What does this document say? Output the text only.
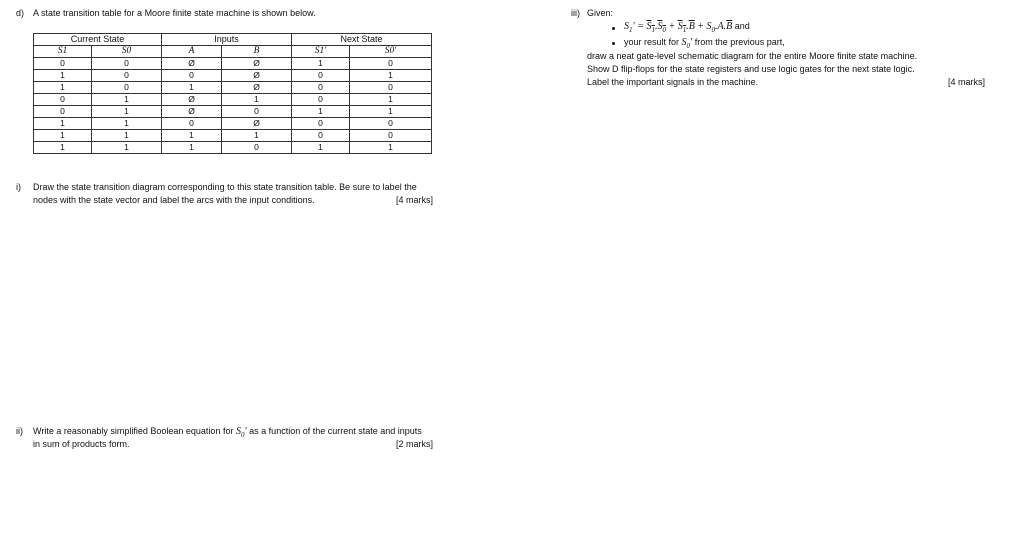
d) A state transition table for a Moore finite state machine is shown below.
Current State		Inputs		Next State	
S1	S0	A	B	S1'	S0'
0	0	Ø	Ø	1	0
1	0	0	Ø	0	1
1	0	1	Ø	0	0
0	1	Ø	1	0	1
0	1	Ø	0	1	1
1	1	0	Ø	0	0
1	1	1	1	0	0
1	1	1	0	1	1
i) Draw the state transition diagram corresponding to this state transition table. Be sure to label the
nodes with the state vector and label the arcs with the input conditions.	[4 marks]
ii) Write a reasonably simplified Boolean equation for $S_0'$ as a function of the current state and inputs
in sum of products form.	[2 marks]
iii) Given:
$S_1' = S_1.S_0 + S_1.\overline{B} + S_0.A.\overline{B}$ and
your result for $S_0'$ from the previous part,
draw a neat gate-level schematic diagram for the entire Moore finite state machine.
Show D flip-flops for the state registers and use logic gates for the next state logic.
Label the important signals in the machine.	[4 marks]
